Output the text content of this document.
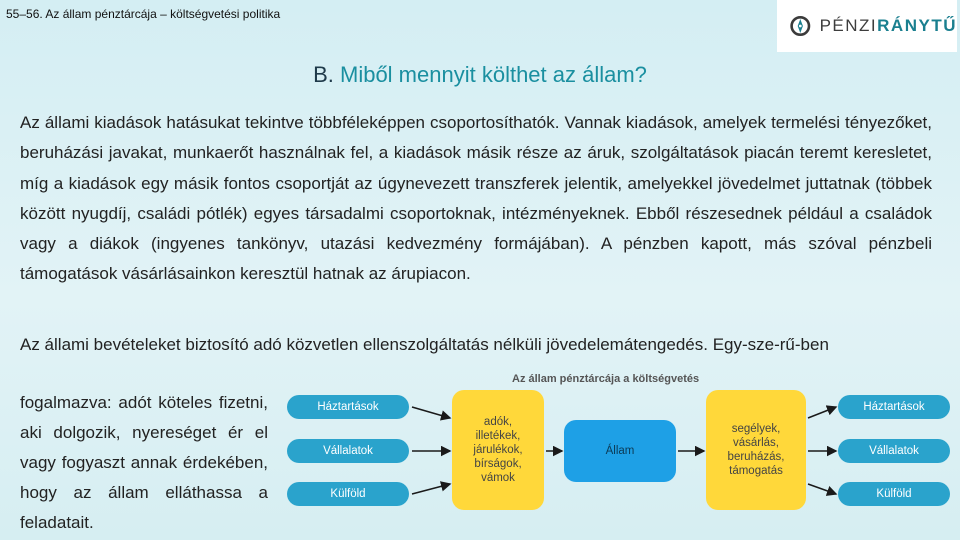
55–56. Az állam pénztárcája – költségvetési politika
PÉNZIRÁNYTŰ
B. Miből mennyit költhet az állam?
Az állami kiadások hatásukat tekintve többféleképpen csoportosíthatók. Vannak kiadások, amelyek termelési tényezőket, beruházási javakat, munkaerőt használnak fel, a kiadások másik része az áruk, szolgáltatások piacán teremt keresletet, míg a kiadások egy másik fontos csoportját az úgynevezett transzferek jelentik, amelyekkel jövedelmet juttatnak (többek között nyugdíj, családi pótlék) egyes társadalmi csoportoknak, intézményeknek. Ebből részesednek például a családok vagy a diákok (ingyenes tankönyv, utazási kedvezmény formájában). A pénzben kapott, más szóval pénzbeli támogatások vásárlásainkon keresztül hatnak az árupiacon.
Az állami bevételeket biztosító adó közvetlen ellenszolgáltatás nélküli jövedelemátengedés. Egy-sze-rű-ben
fogalmazva: adót köteles fizetni, aki dolgozik, nyereséget ér el vagy fogyaszt annak érdekében, hogy az állam elláthassa a feladatait.
Az állam pénztárcája a költségvetés
Háztartások
Vállalatok
Külföld
adók,
illetékek,
járulékok,
bírságok,
vámok
Állam
segélyek,
vásárlás,
beruházás,
támogatás
Háztartások
Vállalatok
Külföld
